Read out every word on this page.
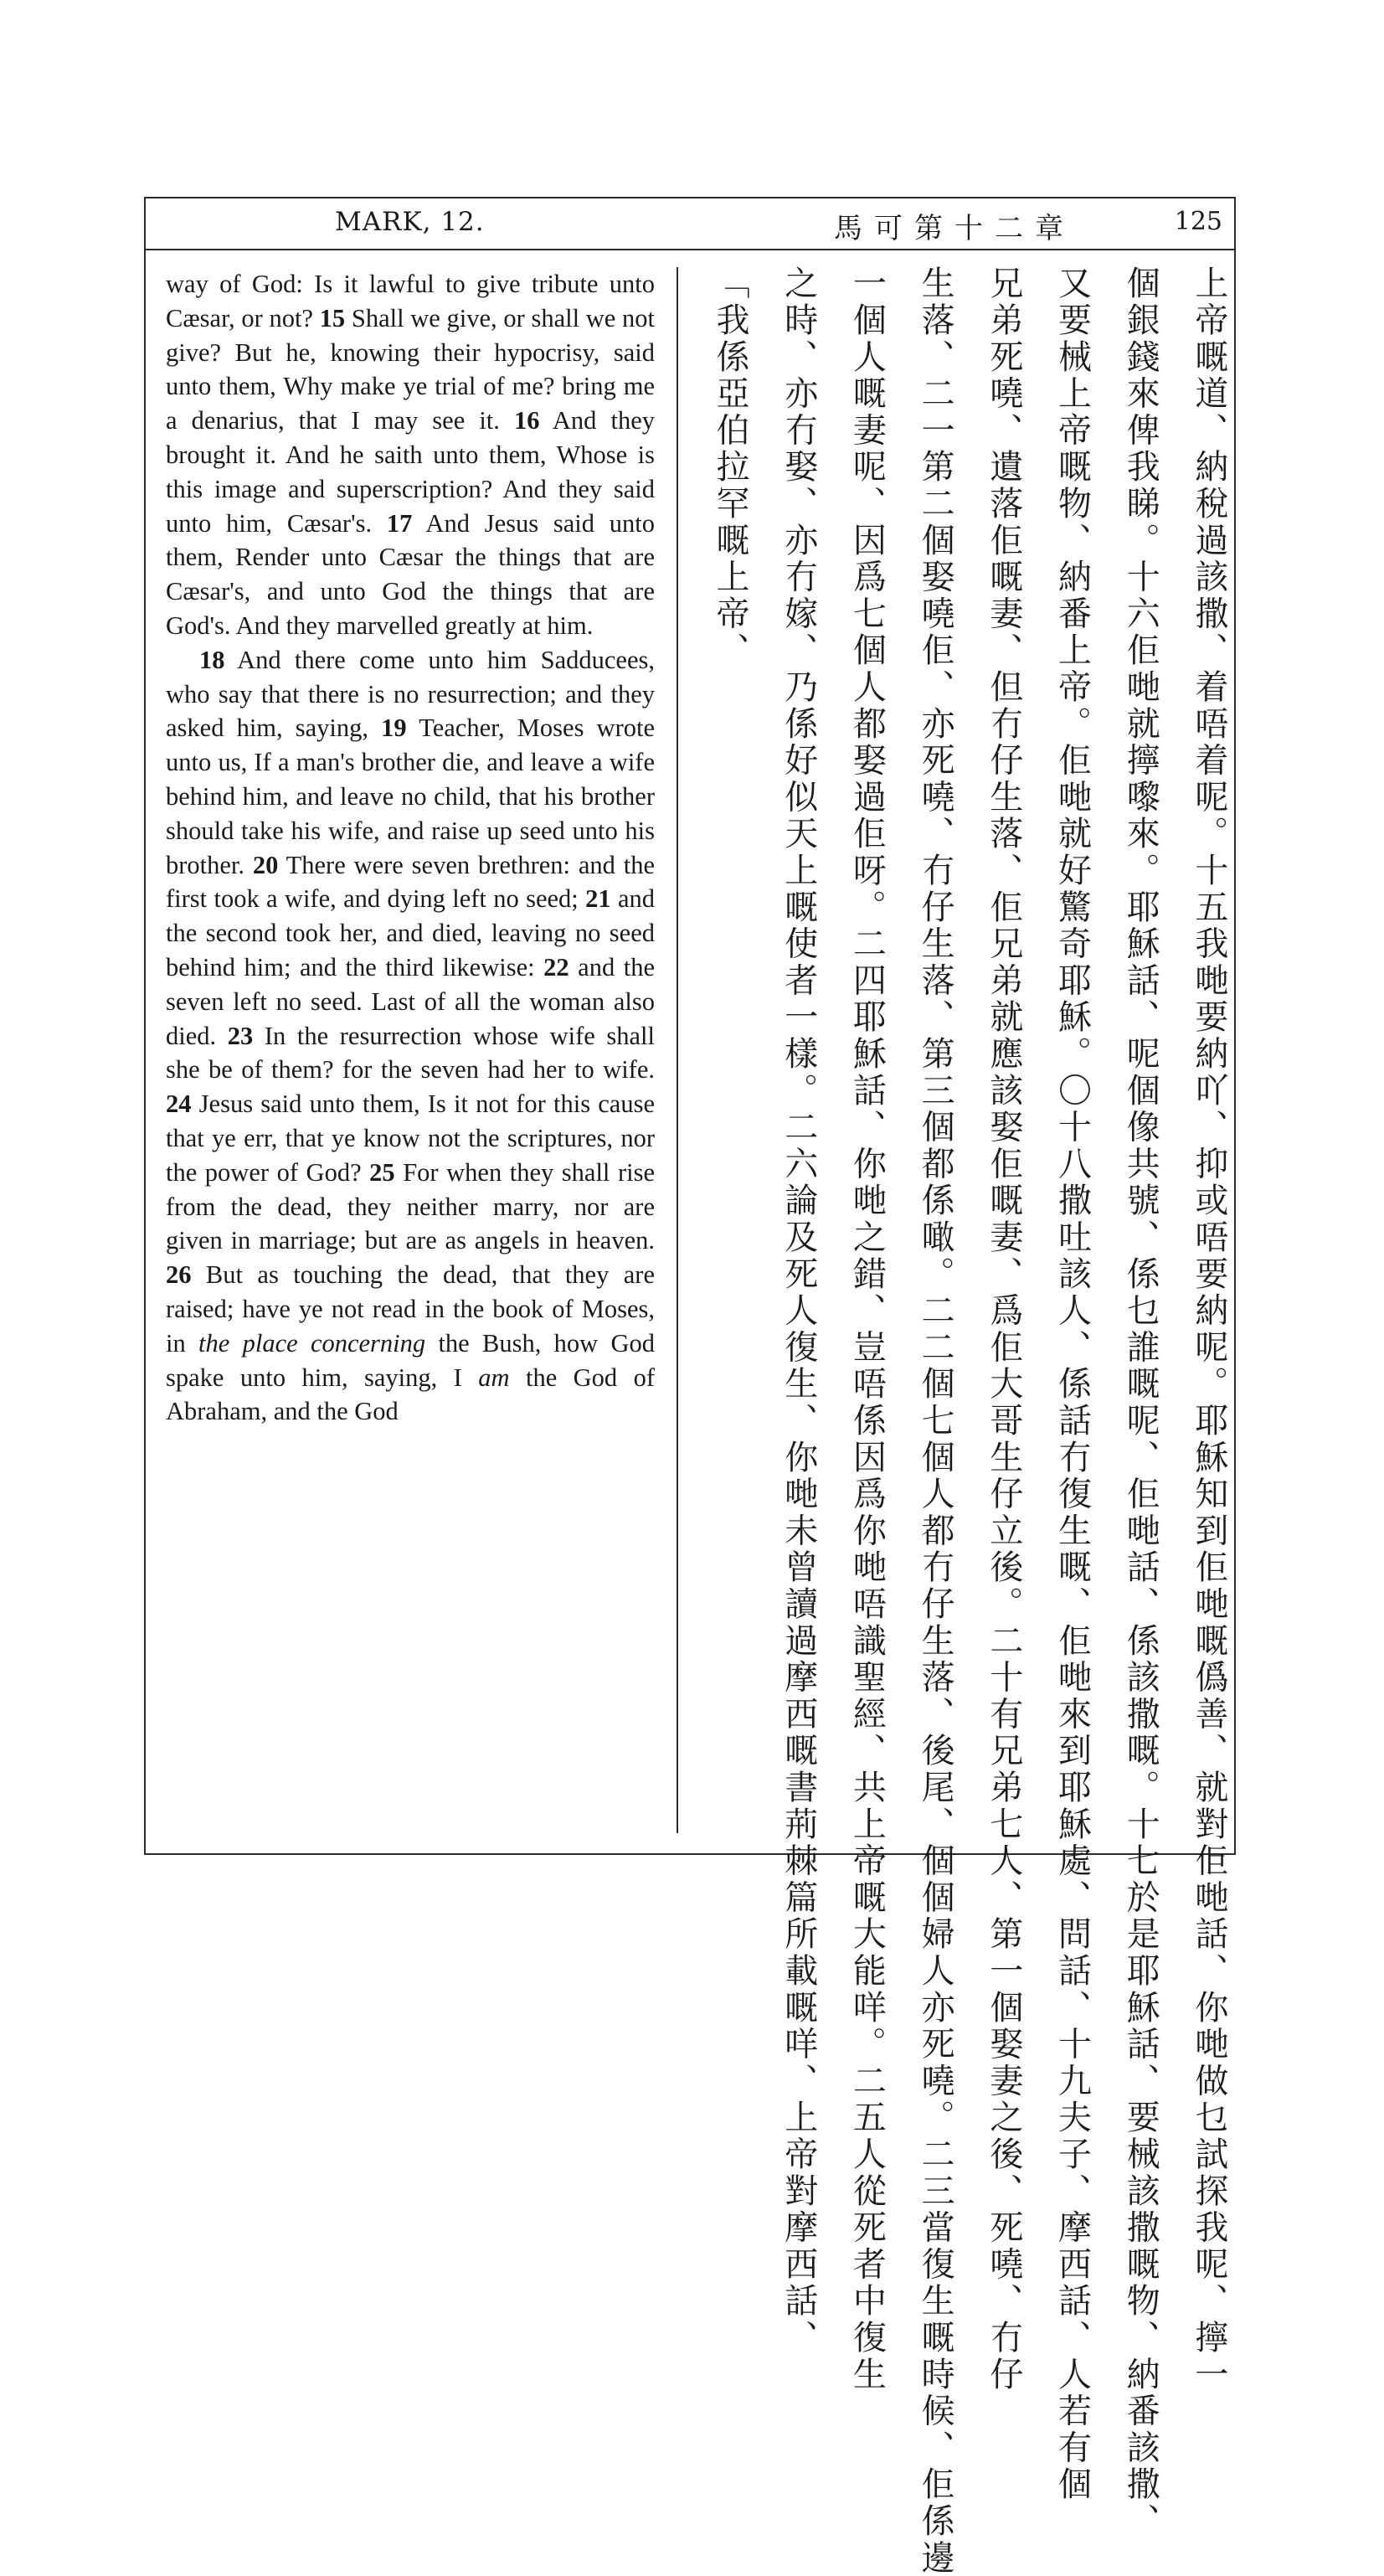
MARK, 12.	馬可第十二章	125

way of God: Is it lawful to give tribute unto Cæsar, or not? 15 Shall we give, or shall we not give? But he, knowing their hypocrisy, said unto them, Why make ye trial of me? bring me a denarius, that I may see it. 16 And they brought it. And he saith unto them, Whose is this image and superscription? And they said unto him, Cæsar's. 17 And Jesus said unto them, Render unto Cæsar the things that are Cæsar's, and unto God the things that are God's. And they marvelled greatly at him.

18 And there come unto him Sadducees, who say that there is no resurrection; and they asked him, saying, 19 Teacher, Moses wrote unto us, If a man's brother die, and leave a wife behind him, and leave no child, that his brother should take his wife, and raise up seed unto his brother. 20 There were seven brethren: and the first took a wife, and dying left no seed; 21 and the second took her, and died, leaving no seed behind him; and the third likewise: 22 and the seven left no seed. Last of all the woman also died. 23 In the resurrection whose wife shall she be of them? for the seven had her to wife. 24 Jesus said unto them, Is it not for this cause that ye err, that ye know not the scriptures, nor the power of God? 25 For when they shall rise from the dead, they neither marry, nor are given in marriage; but are as angels in heaven. 26 But as touching the dead, that they are raised; have ye not read in the book of Moses, in the place concerning the Bush, how God spake unto him, saying, I am the God of Abraham, and the God	上帝嘅道、納稅過該撒、着唔着呢。十五我哋要納吖、抑或唔要納呢。耶穌知到佢哋嘅僞善、就對佢哋話、你哋做乜試探我呢、擰一
個銀錢來俾我睇。十六佢哋就擰嚟來。耶穌話、呢個像共號、係乜誰嘅呢、佢哋話、係該撒嘅。十七於是耶穌話、要械該撒嘅物、納番該撒、
又要械上帝嘅物、納番上帝。佢哋就好驚奇耶穌。〇十八撒吐該人、係話冇復生嘅、佢哋來到耶穌處、問話、十九夫子、摩西話、人若有個
兄弟死嘵、遺落佢嘅妻、但冇仔生落、佢兄弟就應該娶佢嘅妻、爲佢大哥生仔立後。二十有兄弟七人、第一個娶妻之後、死嘵、冇仔
生落、二一第二個娶嘵佢、亦死嘵、冇仔生落、第三個都係噉。二二個七個人都冇仔生落、後尾、個個婦人亦死嘵。二三當復生嘅時候、佢係邊
一個人嘅妻呢、因爲七個人都娶過佢呀。二四耶穌話、你哋之錯、豈唔係因爲你哋唔識聖經、共上帝嘅大能咩。二五人從死者中復生
之時、亦冇娶、亦冇嫁、乃係好似天上嘅使者一樣。二六論及死人復生、你哋未曾讀過摩西嘅書荊棘篇所載嘅咩、上帝對摩西話、
「我係亞伯拉罕嘅上帝、
